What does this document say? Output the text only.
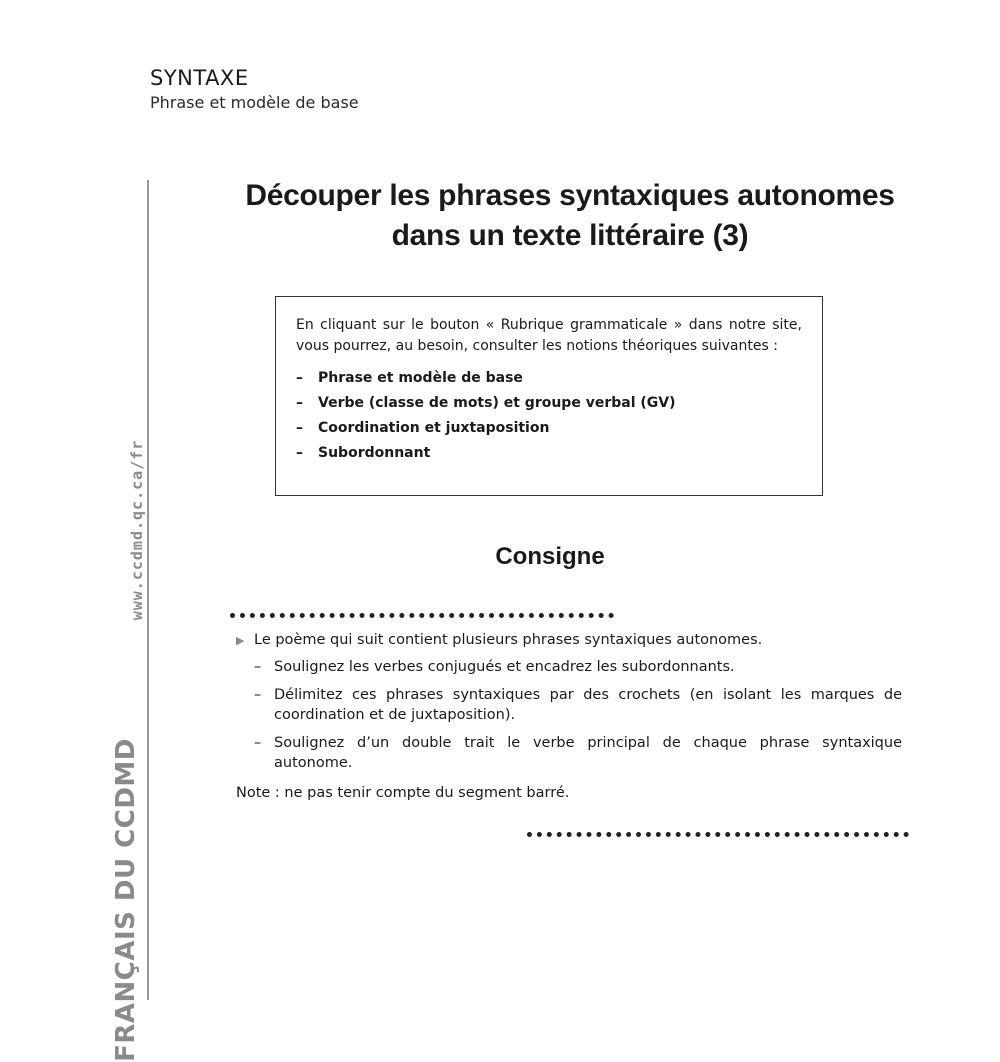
SYNTAXE
Phrase et modèle de base
www.ccdmd.qc.ca/fr
FRANÇAIS DU CCDMD
Découper les phrases syntaxiques autonomes
dans un texte littéraire (3)

En cliquant sur le bouton « Rubrique grammaticale » dans notre site, vous pourrez, au besoin, consulter les notions théoriques suivantes :

– Phrase et modèle de base
– Verbe (classe de mots) et groupe verbal (GV)
– Coordination et juxtaposition
– Subordonnant
Consigne

▶ Le poème qui suit contient plusieurs phrases syntaxiques autonomes.

– Soulignez les verbes conjugués et encadrez les subordonnants.
– Délimitez ces phrases syntaxiques par des crochets (en isolant les marques de coordination et de juxtaposition).
– Soulignez d’un double trait le verbe principal de chaque phrase syntaxique autonome.

Note : ne pas tenir compte du segment barré.
